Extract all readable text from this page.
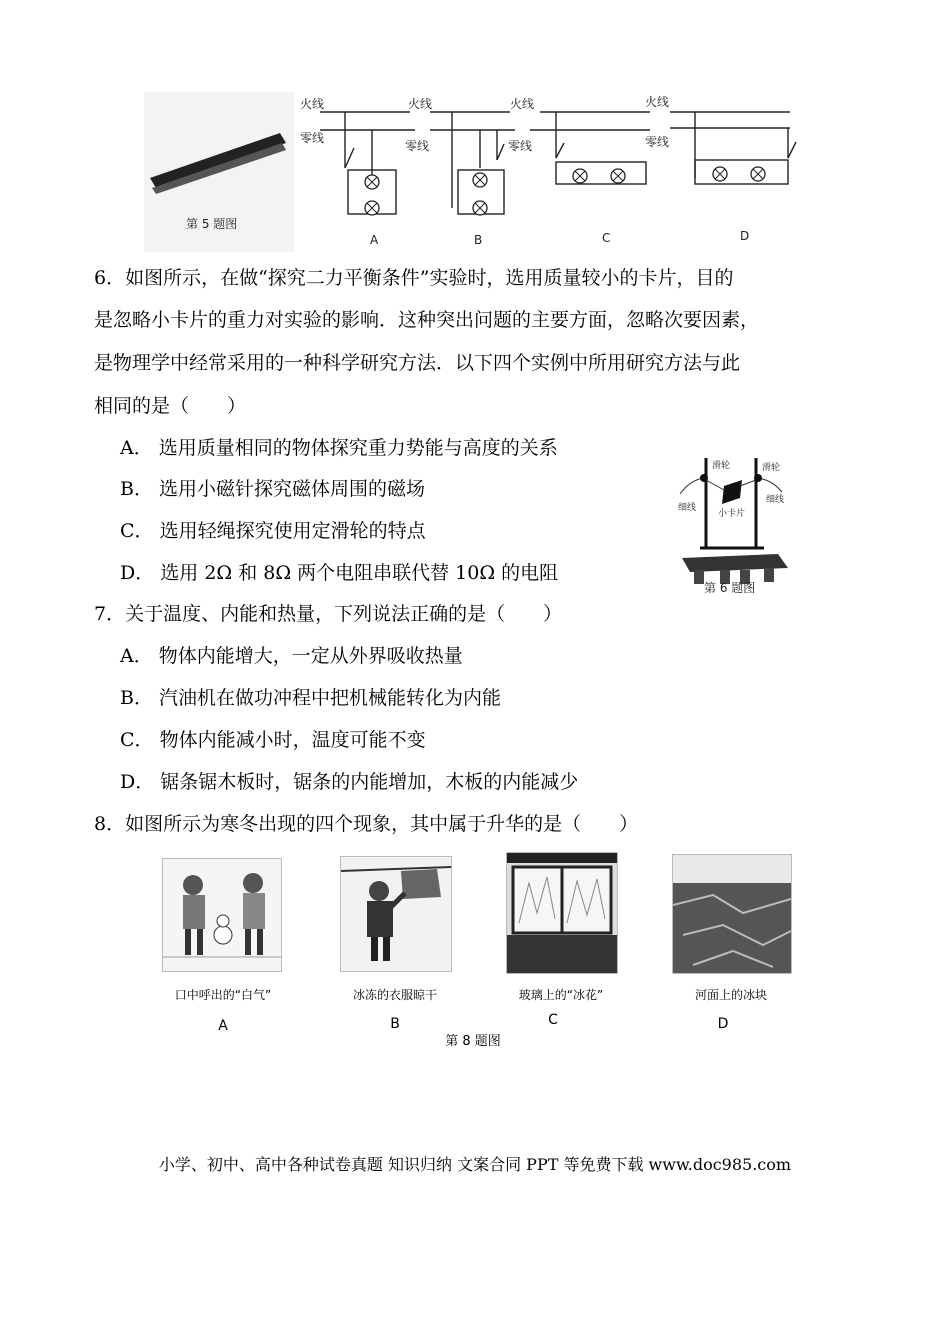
火线
零线
火线
零线
火线
零线
火线
零线
第 5 题图
A	B	C	D
6．如图所示，在做“探究二力平衡条件”实验时，选用质量较小的卡片，目的
是忽略小卡片的重力对实验的影响．这种突出问题的主要方面，忽略次要因素，
是物理学中经常采用的一种科学研究方法．以下四个实例中所用研究方法与此
相同的是（　　）
A． 选用质量相同的物体探究重力势能与高度的关系
B． 选用小磁针探究磁体周围的磁场
C． 选用轻绳探究使用定滑轮的特点
D． 选用 2Ω 和 8Ω 两个电阻串联代替 10Ω 的电阻
滑轮	滑轮
细线
细线
小卡片
第 6 题图
7．关于温度、内能和热量，下列说法正确的是（　　）
A． 物体内能增大，一定从外界吸收热量
B． 汽油机在做功冲程中把机械能转化为内能
C． 物体内能减小时，温度可能不变
D． 锯条锯木板时，锯条的内能增加，木板的内能减少
8．如图所示为寒冬出现的四个现象，其中属于升华的是（　　）
口中呼出的“白气”
A
冰冻的衣服晾干
B
玻璃上的“冰花”
C
河面上的冰块
D
第 8 题图
小学、初中、高中各种试卷真题 知识归纳 文案合同 PPT 等免费下载 www.doc985.com
